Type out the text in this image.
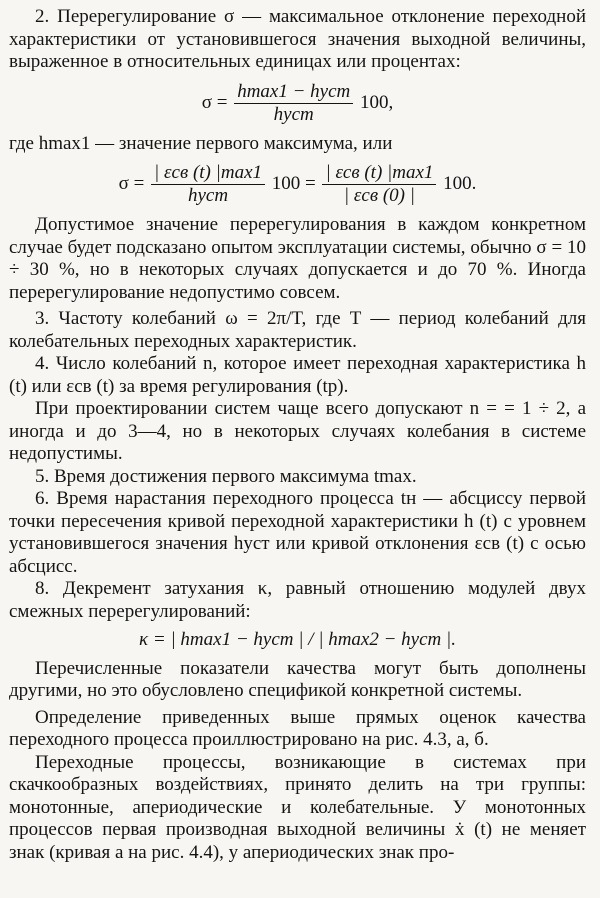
2. Перерегулирование σ — максимальное отклонение переходной характеристики от установившегося значения выходной величины, выраженное в относительных единицах или процентах:

$\sigma = \frac{\text{hmax1 − hуст}}{\text{hуст}} 100$,

где hmax1 — значение первого максимума, или

$\sigma = \frac{\text{| εсв (t) |max1}}{\text{hуст}} 100 = \frac{\text{| εсв (t) |max1}}{\text{| εсв (0) |}} 100$.

Допустимое значение перерегулирования в каждом конкретном случае будет подсказано опытом эксплуатации системы, обычно σ = 10 ÷ 30 %, но в некоторых случаях допускается и до 70 %. Иногда перерегулирование недопустимо совсем.

3. Частоту колебаний ω = 2π/T, где T — период колебаний для колебательных переходных характеристик.

4. Число колебаний n, которое имеет переходная характеристика h (t) или εсв (t) за время регулирования (tр).

При проектировании систем чаще всего допускают n = = 1 ÷ 2, а иногда и до 3—4, но в некоторых случаях колебания в системе недопустимы.

5. Время достижения первого максимума tmax.

6. Время нарастания переходного процесса tн — абсциссу первой точки пересечения кривой переходной характеристики h (t) с уровнем установившегося значения hуст или кривой отклонения εсв (t) с осью абсцисс.

8. Декремент затухания κ, равный отношению модулей двух смежных перерегулирований:

κ = | hmax1 − hуст | / | hmax2 − hуст |.

Перечисленные показатели качества могут быть дополнены другими, но это обусловлено спецификой конкретной системы.

Определение приведенных выше прямых оценок качества переходного процесса проиллюстрировано на рис. 4.3, а, б.

Переходные процессы, возникающие в системах при скачкообразных воздействиях, принято делить на три группы: монотонные, апериодические и колебательные. У монотонных процессов первая производная выходной величины ẋ (t) не меняет знак (кривая а на рис. 4.4), у апериодических знак про-
